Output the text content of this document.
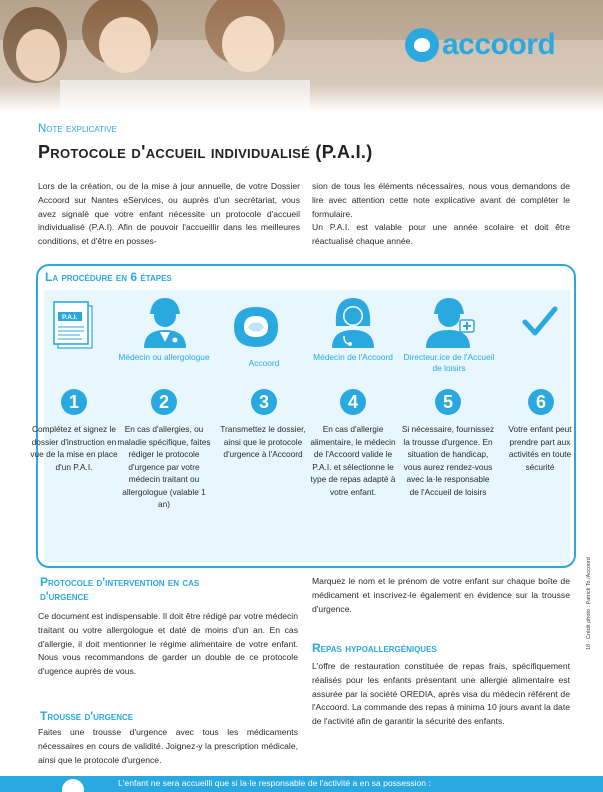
accoord
Note explicative
Protocole d'accueil individualisé (P.A.I.)

Lors de la création, ou de la mise à jour annuelle, de votre Dossier Accoord sur Nantes eServices, ou auprès d'un secrétariat, vous avez signalé que votre enfant nécessite un protocole d'accueil individualisé (P.A.I). Afin de pouvoir l'accueillir dans les meilleures conditions, et d'être en posses-

sion de tous les éléments nécessaires, nous vous demandons de lire avec attention cette note explicative avant de compléter le formulaire.

Un P.A.I. est valable pour une année scolaire et doit être réactualisé chaque année.

La procédure en 6 étapes
P.A.I.
Médecin ou allergologue
Accoord
Médecin de l'Accoord	Directeur.ice de l'Accueil de loisirs
1	2	3	4	5	6
Complétez et signez le dossier d'instruction en vue de la mise en place d'un P.A.I.
En cas d'allergies, ou maladie spécifique, faites rédiger le protocole d'urgence par votre médecin traitant ou allergologue (valable 1 an)
Transmettez le dossier, ainsi que le protocole d'urgence à l'Accoord
En cas d'allergie alimentaire, le médecin de l'Accoord valide le P.A.I. et sélectionne le type de repas adapté à votre enfant.
Si nécessaire, fournissez la trousse d'urgence. En situation de handicap, vous aurez rendez-vous avec la·le responsable de l'Accueil de loisirs
Votre enfant peut prendre part aux activités en toute sécurité
Protocole d'intervention en cas d'urgence
Ce document est indispensable. Il doit être rédigé par votre médecin traitant ou votre allergologue et daté de moins d'un an. En cas d'allergie, il doit mentionner le régime alimentaire de votre enfant. Nous vous recommandons de garder un double de ce protocole d'ugence auprès de vous.
Trousse d'urgence
Faites une trousse d'urgence avec tous les médicaments nécessaires en cours de validité. Joignez-y la prescription médicale, ainsi que le protocole d'urgence.
Marquez le nom et le prénom de votre enfant sur chaque boîte de médicament et inscrivez-le également en évidence sur la trousse d'urgence.
Repas hypoallergéniques
L'offre de restauration constituée de repas frais, spécifiquement réalisés pour les enfants présentant une allergie alimentaire est assurée par la société OREDIA, après visa du médecin référent de l'Accoord. La commande des repas à minima 10 jours avant la date de l'activité afin de garantir la sécurité des enfants.
L'enfant ne sera accueilli que si la·le responsable de l'activité a en sa possession :
18 - Crédit photo : Patrick To /Accoord
